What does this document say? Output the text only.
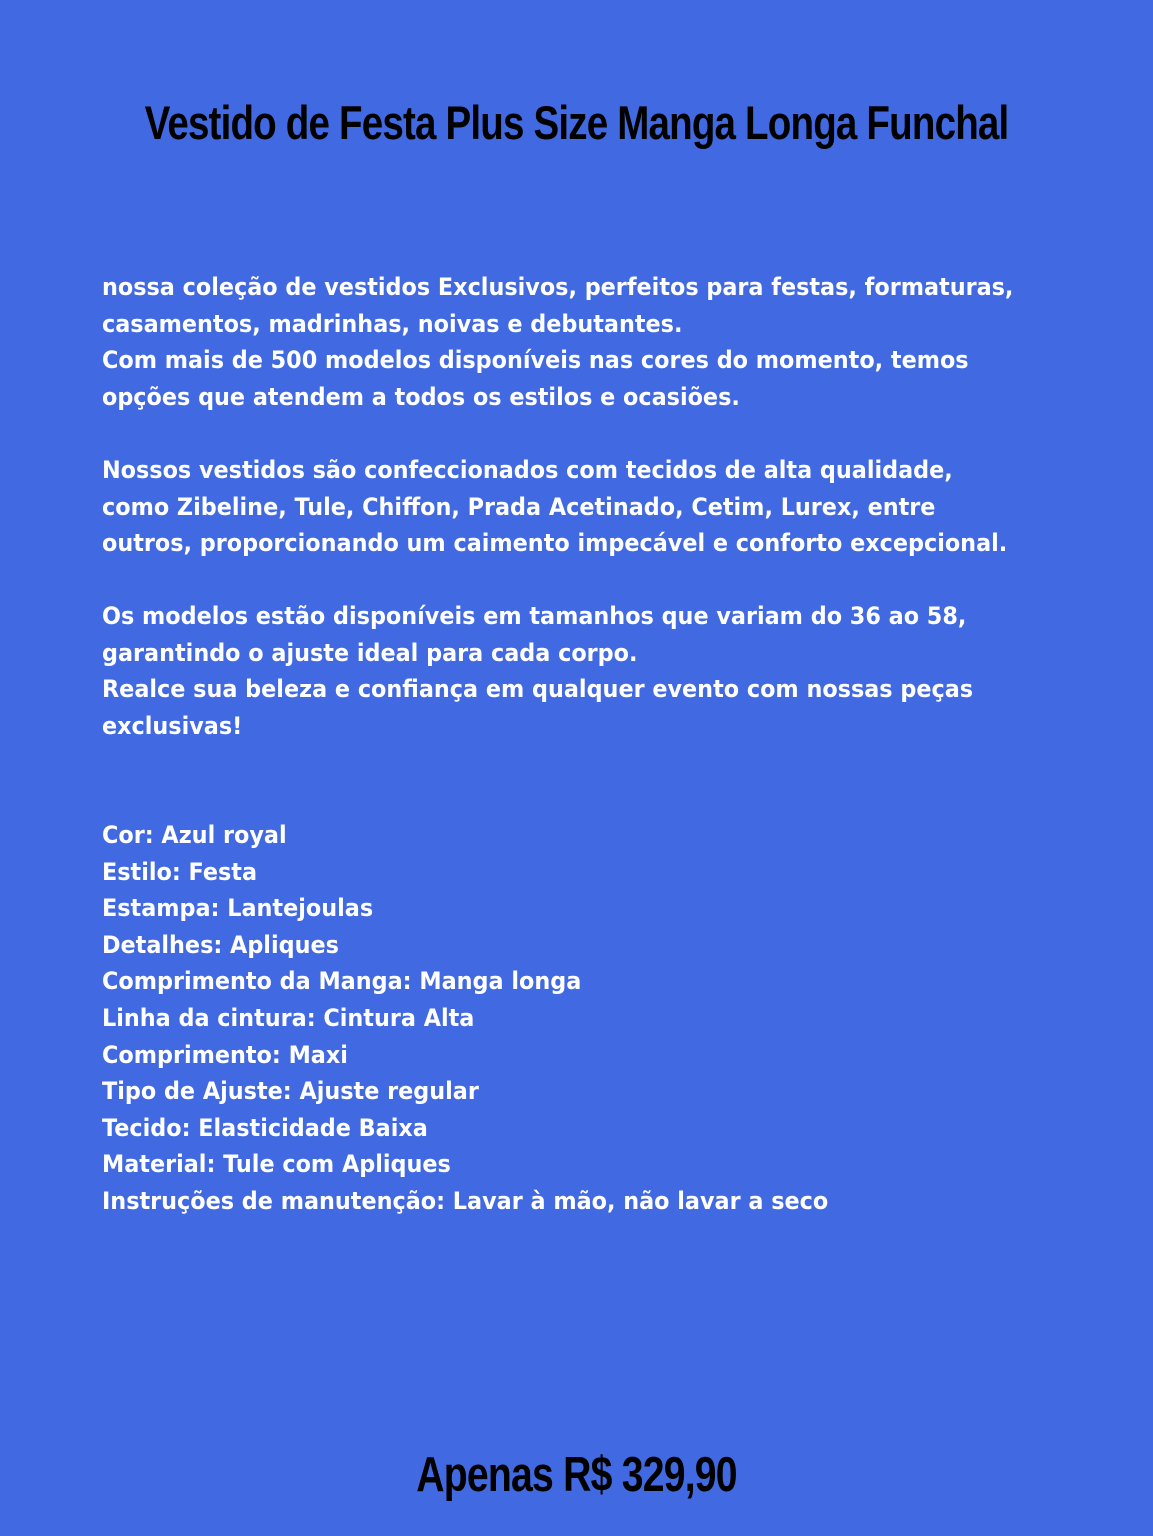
Vestido de Festa Plus Size Manga Longa Funchal
nossa coleção de vestidos Exclusivos, perfeitos para festas, formaturas,
casamentos, madrinhas, noivas e debutantes.
Com mais de 500 modelos disponíveis nas cores do momento, temos
opções que atendem a todos os estilos e ocasiões.
Nossos vestidos são confeccionados com tecidos de alta qualidade,
como Zibeline, Tule, Chiffon, Prada Acetinado, Cetim, Lurex, entre
outros, proporcionando um caimento impecável e conforto excepcional.
Os modelos estão disponíveis em tamanhos que variam do 36 ao 58,
garantindo o ajuste ideal para cada corpo.
Realce sua beleza e confiança em qualquer evento com nossas peças
exclusivas!
Cor: Azul royal
Estilo: Festa
Estampa: Lantejoulas
Detalhes: Apliques
Comprimento da Manga: Manga longa
Linha da cintura: Cintura Alta
Comprimento: Maxi
Tipo de Ajuste: Ajuste regular
Tecido: Elasticidade Baixa
Material: Tule com Apliques
Instruções de manutenção: Lavar à mão, não lavar a seco
Apenas R$ 329,90
